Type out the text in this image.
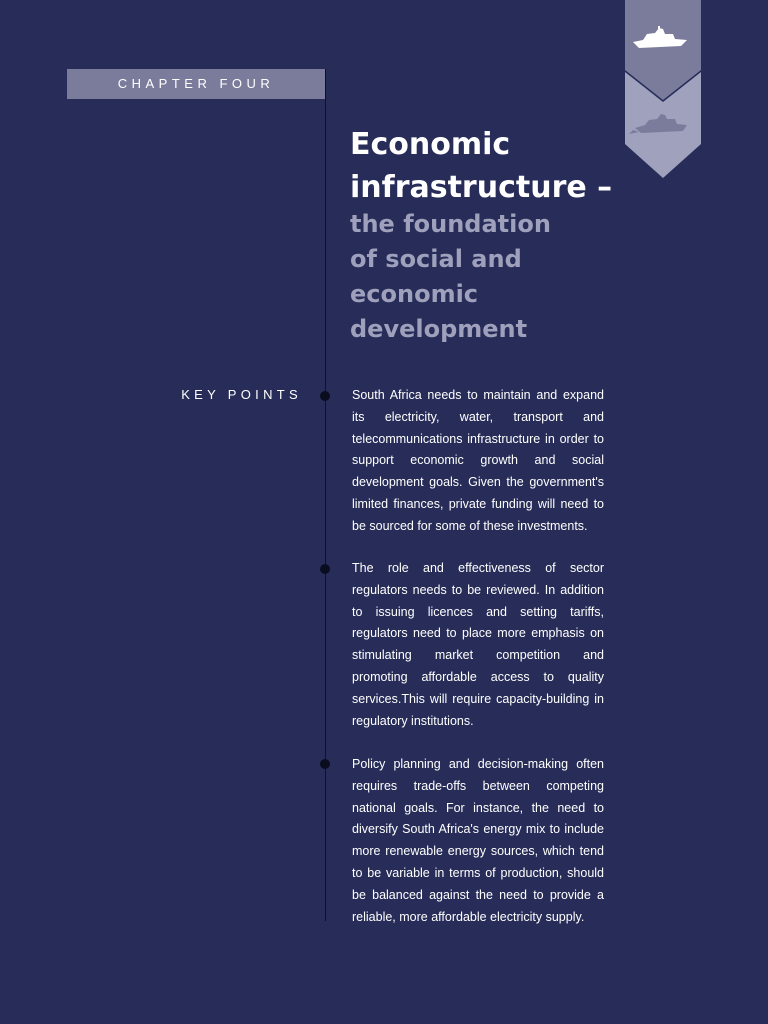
CHAPTER FOUR
Economic
infrastructure –
the foundation
of social and
economic
development
KEY POINTS	South Africa needs to maintain and expand its electricity, water, transport and telecommunications infrastructure in order to support economic growth and social development goals. Given the government's limited finances, private funding will need to be sourced for some of these investments.

The role and effectiveness of sector regulators needs to be reviewed. In addition to issuing licences and setting tariffs, regulators need to place more emphasis on stimulating market competition and promoting affordable access to quality services.This will require capacity-building in regulatory institutions.

Policy planning and decision-making often requires trade-offs between competing national goals. For instance, the need to diversify South Africa's energy mix to include more renewable energy sources, which tend to be variable in terms of production, should be balanced against the need to provide a reliable, more affordable electricity supply.
